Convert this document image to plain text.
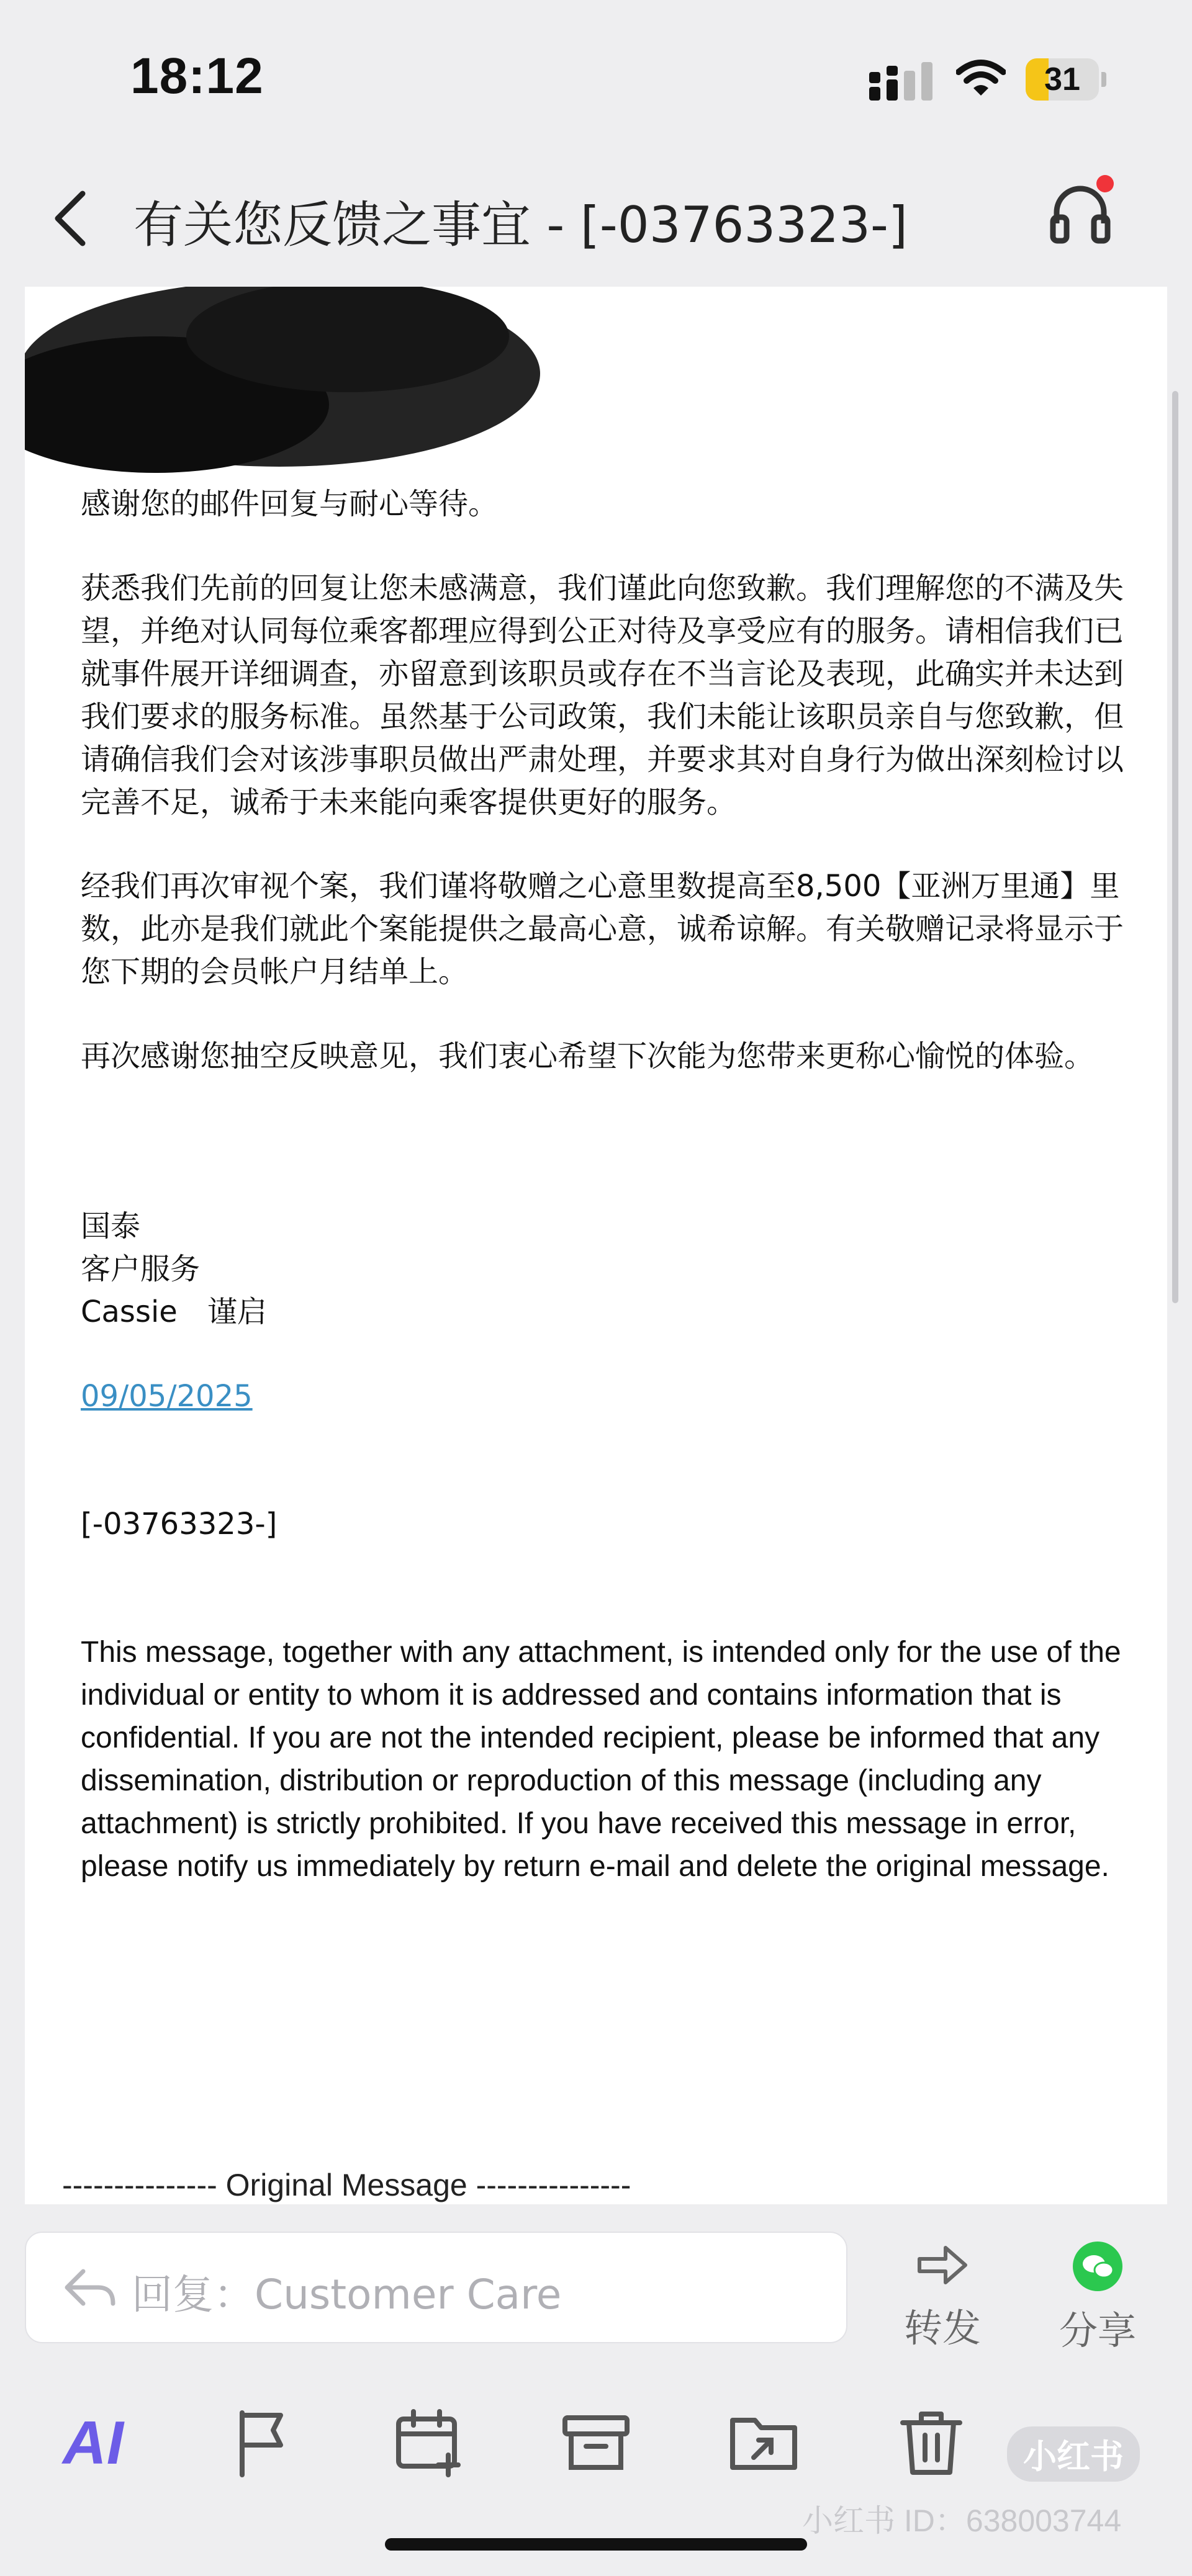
18:12	31
有关您反馈之事宜 - [-03763323-]
感谢您的邮件回复与耐心等待。
获悉我们先前的回复让您未感满意，我们谨此向您致歉。我们理解您的不满及失望，并绝对认同每位乘客都理应得到公正对待及享受应有的服务。请相信我们已就事件展开详细调查，亦留意到该职员或存在不当言论及表现，此确实并未达到我们要求的服务标准。虽然基于公司政策，我们未能让该职员亲自与您致歉，但请确信我们会对该涉事职员做出严肃处理，并要求其对自身行为做出深刻检讨以完善不足，诚希于未来能向乘客提供更好的服务。
经我们再次审视个案，我们谨将敬赠之心意里数提高至8,500【亚洲万里通】里数，此亦是我们就此个案能提供之最高心意，诚希谅解。有关敬赠记录将显示于您下期的会员帐户月结单上。
再次感谢您抽空反映意见，我们衷心希望下次能为您带来更称心愉悦的体验。
国泰
客户服务
Cassie　谨启
09/05/2025
[-03763323-]
This message, together with any attachment, is intended only for the use of the individual or entity to whom it is addressed and contains information that is confidential. If you are not the intended recipient, please be informed that any dissemination, distribution or reproduction of this message (including any attachment) is strictly prohibited. If you have received this message in error, please notify us immediately by return e-mail and delete the original message.
--------------- Original Message ---------------
回复：Customer Care
转发 分享
AI	小红书
小红书 ID：638003744
